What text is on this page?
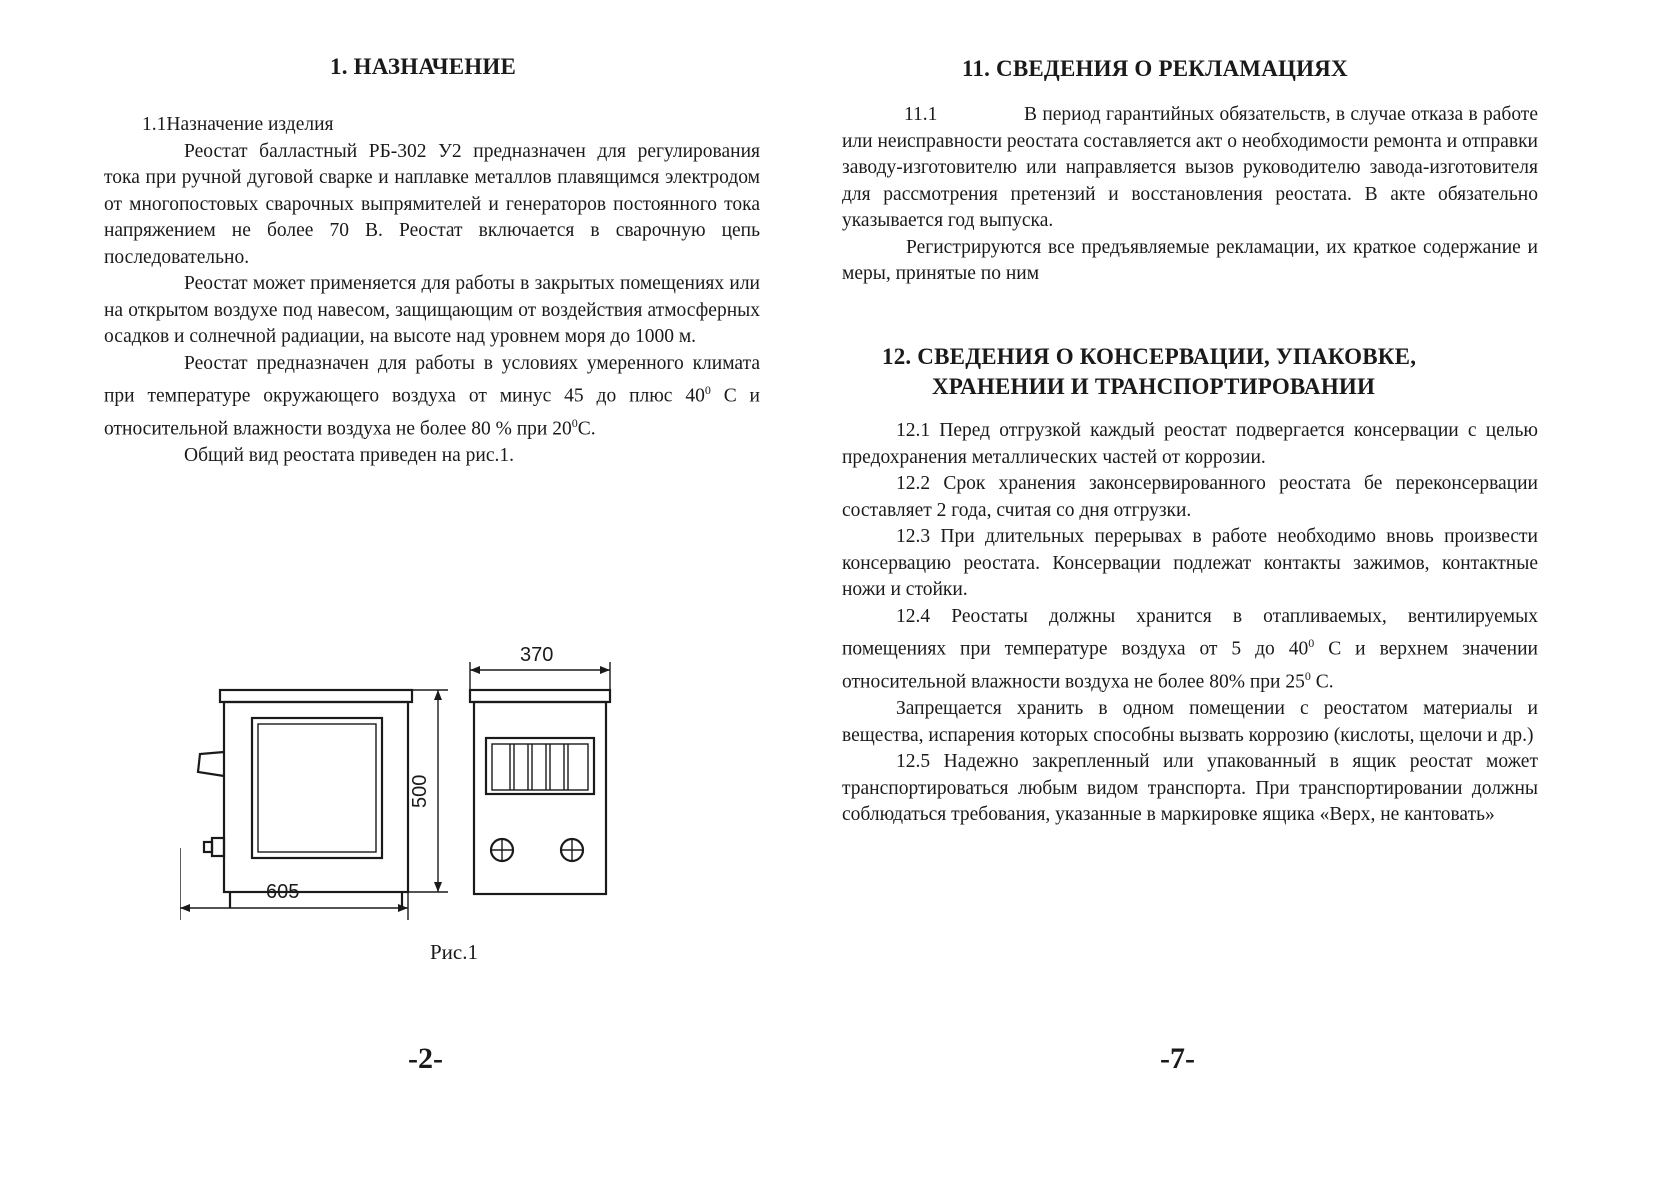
1. НАЗНАЧЕНИЕ

1.1Назначение изделия

Реостат балластный РБ-302 У2 предназначен для регулирования тока при ручной дуговой сварке и наплавке металлов плавящимся электродом от многопостовых сварочных выпрямителей и генераторов постоянного тока напряжением не более 70 В. Реостат включается в сварочную цепь последовательно.

Реостат может применяется для работы в закрытых помещениях или на открытом воздухе под навесом, защищающим от воздействия атмосферных осадков и солнечной радиации, на высоте над уровнем моря до 1000 м.

Реостат предназначен для работы в условиях умеренного климата при температуре окружающего воздуха от минус 45 до плюс $40^0$ С и относительной влажности воздуха не более 80 % при $20^0С$.

Общий вид реостата приведен на рис.1.

605
500
370
Рис.1
-2-
11. СВЕДЕНИЯ О РЕКЛАМАЦИЯХ

11.1	В период гарантийных обязательств, в случае отказа в работе или неисправности реостата составляется акт о необходимости ремонта и отправки заводу-изготовителю или направляется вызов руководителю завода-изготовителя для рассмотрения претензий и восстановления реостата. В акте обязательно указывается год выпуска.

Регистрируются все предъявляемые рекламации, их краткое содержание и меры, принятые по ним

12. СВЕДЕНИЯ О КОНСЕРВАЦИИ, УПАКОВКЕ,
ХРАНЕНИИ И ТРАНСПОРТИРОВАНИИ

12.1 Перед отгрузкой каждый реостат подвергается консервации с целью предохранения металлических частей от коррозии.

12.2 Срок хранения законсервированного реостата бе переконсервации составляет 2 года, считая со дня отгрузки.

12.3 При длительных перерывах в работе необходимо вновь произвести консервацию реостата. Консервации подлежат контакты зажимов, контактные ножи и стойки.

12.4 Реостаты должны хранится в отапливаемых, вентилируемых помещениях при температуре воздуха от 5 до $40^0$ С и верхнем значении относительной влажности воздуха не более 80% при $25^0$ С.

Запрещается хранить в одном помещении с реостатом материалы и вещества, испарения которых способны вызвать коррозию (кислоты, щелочи и др.)

12.5 Надежно закрепленный или упакованный в ящик реостат может транспортироваться любым видом транспорта. При транспортировании должны соблюдаться требования, указанные в маркировке ящика «Верх, не кантовать»

-7-
